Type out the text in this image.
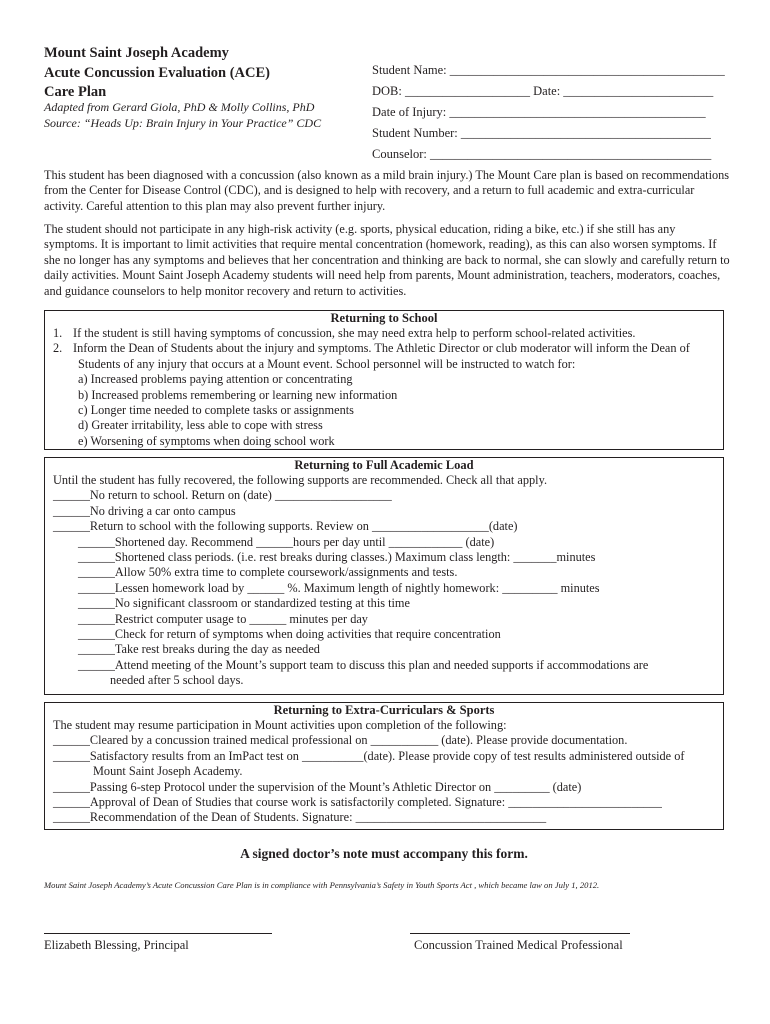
Mount Saint Joseph Academy
Acute Concussion Evaluation (ACE)
Care Plan
Adapted from Gerard Giola, PhD & Molly Collins, PhD
Source: “Heads Up: Brain Injury in Your Practice” CDC
Student Name: ____________________________________________
DOB: ____________________ Date: ________________________
Date of Injury: _________________________________________
Student Number: ________________________________________
Counselor: _____________________________________________
This student has been diagnosed with a concussion (also known as a mild brain injury.) The Mount Care plan is based on recommendations from the Center for Disease Control (CDC), and is designed to help with recovery, and a return to full academic and extra-curricular activity. Careful attention to this plan may also prevent further injury.
The student should not participate in any high-risk activity (e.g. sports, physical education, riding a bike, etc.) if she still has any symptoms. It is important to limit activities that require mental concentration (homework, reading), as this can also worsen symptoms. If she no longer has any symptoms and believes that her concentration and thinking are back to normal, she can slowly and carefully return to daily activities. Mount Saint Joseph Academy students will need help from parents, Mount administration, teachers, moderators, coaches, and guidance counselors to help monitor recovery and return to activities.
Returning to School
1. If the student is still having symptoms of concussion, she may need extra help to perform school-related activities.
2. Inform the Dean of Students about the injury and symptoms. The Athletic Director or club moderator will inform the Dean of
Students of any injury that occurs at a Mount event. School personnel will be instructed to watch for:
a) Increased problems paying attention or concentrating
b) Increased problems remembering or learning new information
c) Longer time needed to complete tasks or assignments
d) Greater irritability, less able to cope with stress
e) Worsening of symptoms when doing school work
Returning to Full Academic Load
Until the student has fully recovered, the following supports are recommended. Check all that apply.
______No return to school. Return on (date) ___________________
______No driving a car onto campus
______Return to school with the following supports. Review on ___________________(date)
______Shortened day. Recommend ______hours per day until ____________ (date)
______Shortened class periods. (i.e. rest breaks during classes.) Maximum class length: _______minutes
______Allow 50% extra time to complete coursework/assignments and tests.
______Lessen homework load by ______ %. Maximum length of nightly homework: _________ minutes
______No significant classroom or standardized testing at this time
______Restrict computer usage to ______ minutes per day
______Check for return of symptoms when doing activities that require concentration
______Take rest breaks during the day as needed
______Attend meeting of the Mount’s support team to discuss this plan and needed supports if accommodations are
needed after 5 school days.
Returning to Extra-Curriculars & Sports
The student may resume participation in Mount activities upon completion of the following:
______Cleared by a concussion trained medical professional on ___________ (date). Please provide documentation.
______Satisfactory results from an ImPact test on __________(date). Please provide copy of test results administered outside of
Mount Saint Joseph Academy.
______Passing 6-step Protocol under the supervision of the Mount’s Athletic Director on _________ (date)
______Approval of Dean of Studies that course work is satisfactorily completed. Signature: _________________________
______Recommendation of the Dean of Students. Signature: _______________________________
A signed doctor’s note must accompany this form.
Mount Saint Joseph Academy’s Acute Concussion Care Plan is in compliance with Pennsylvania’s Safety in Youth Sports Act , which became law on July 1, 2012.
Elizabeth Blessing, Principal	Concussion Trained Medical Professional
